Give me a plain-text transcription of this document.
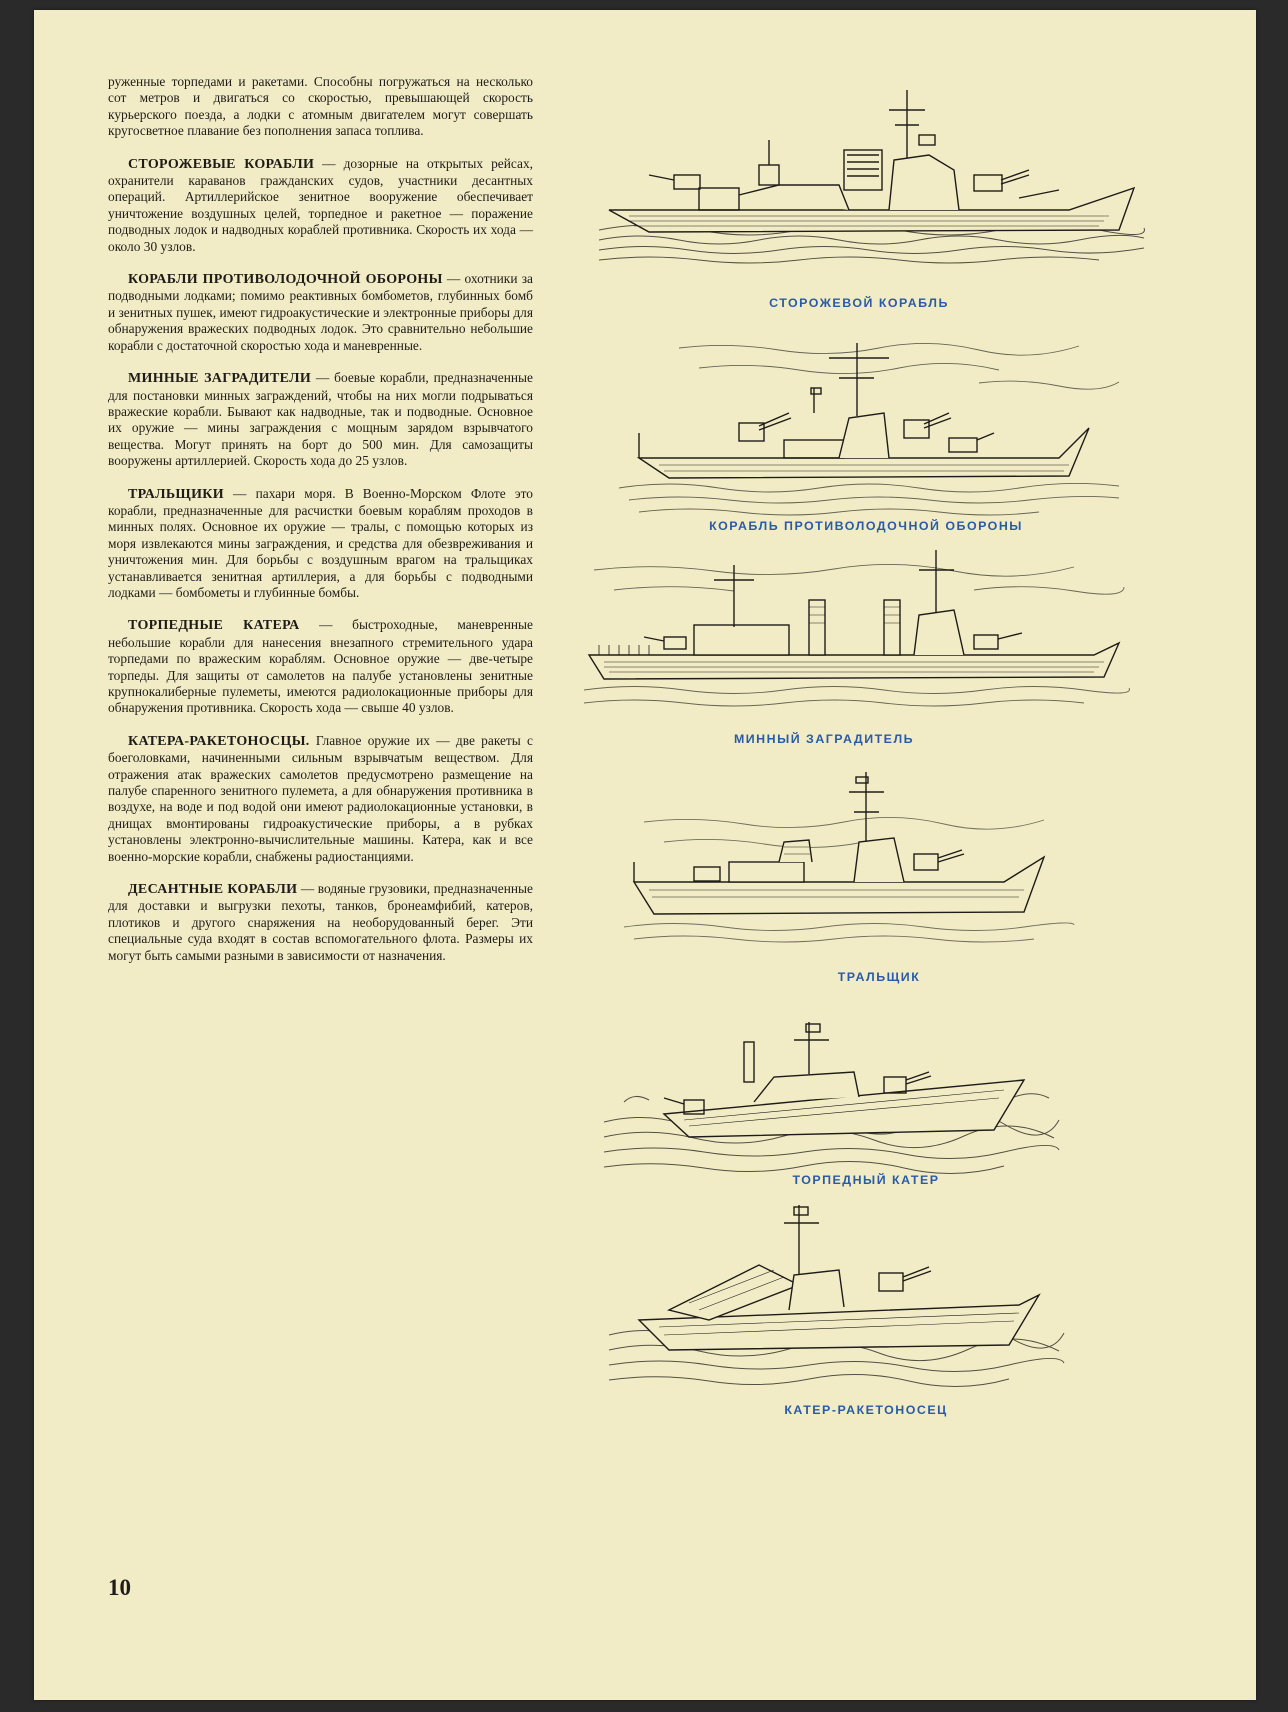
руженные торпедами и ракетами. Способны погружаться на несколько сот метров и двигаться со скоростью, превышающей скорость курьерского поезда, а лодки с атомным двигателем могут совершать кругосветное плавание без пополнения запаса топлива.

СТОРОЖЕВЫЕ КОРАБЛИ — дозорные на открытых рейсах, охранители караванов гражданских судов, участники десантных операций. Артиллерийское зенитное вооружение обеспечивает уничтожение воздушных целей, торпедное и ракетное — поражение подводных лодок и надводных кораблей противника. Скорость их хода — около 30 узлов.

КОРАБЛИ ПРОТИВОЛОДОЧНОЙ ОБОРОНЫ — охотники за подводными лодками; помимо реактивных бомбометов, глубинных бомб и зенитных пушек, имеют гидроакустические и электронные приборы для обнаружения вражеских подводных лодок. Это сравнительно небольшие корабли с достаточной скоростью хода и маневренные.

МИННЫЕ ЗАГРАДИТЕЛИ — боевые корабли, предназначенные для постановки минных заграждений, чтобы на них могли подрываться вражеские корабли. Бывают как надводные, так и подводные. Основное их оружие — мины заграждения с мощным зарядом взрывчатого вещества. Могут принять на борт до 500 мин. Для самозащиты вооружены артиллерией. Скорость хода до 25 узлов.

ТРАЛЬЩИКИ — пахари моря. В Военно-Морском Флоте это корабли, предназначенные для расчистки боевым кораблям проходов в минных полях. Основное их оружие — тралы, с помощью которых из моря извлекаются мины заграждения, и средства для обезвреживания и уничтожения мин. Для борьбы с воздушным врагом на тральщиках устанавливается зенитная артиллерия, а для борьбы с подводными лодками — бомбометы и глубинные бомбы.

ТОРПЕДНЫЕ КАТЕРА — быстроходные, маневренные небольшие корабли для нанесения внезапного стремительного удара торпедами по вражеским кораблям. Основное оружие — две-четыре торпеды. Для защиты от самолетов на палубе установлены зенитные крупнокалиберные пулеметы, имеются радиолокационные приборы для обнаружения противника. Скорость хода — свыше 40 узлов.

КАТЕРА-РАКЕТОНОСЦЫ. Главное оружие их — две ракеты с боеголовками, начиненными сильным взрывчатым веществом. Для отражения атак вражеских самолетов предусмотрено размещение на палубе спаренного зенитного пулемета, а для обнаружения противника в воздухе, на воде и под водой они имеют радиолокационные установки, в днищах вмонтированы гидроакустические приборы, а в рубках установлены электронно-вычислительные машины. Катера, как и все военно-морские корабли, снабжены радиостанциями.

ДЕСАНТНЫЕ КОРАБЛИ — водяные грузовики, предназначенные для доставки и выгрузки пехоты, танков, бронеамфибий, катеров, плотиков и другого снаряжения на необорудованный берег. Эти специальные суда входят в состав вспомогательного флота. Размеры их могут быть самыми разными в зависимости от назначения.

10
СТОРОЖЕВОЙ КОРАБЛЬ
КОРАБЛЬ ПРОТИВОЛОДОЧНОЙ ОБОРОНЫ
МИННЫЙ ЗАГРАДИТЕЛЬ
ТРАЛЬЩИК
ТОРПЕДНЫЙ КАТЕР
КАТЕР-РАКЕТОНОСЕЦ
